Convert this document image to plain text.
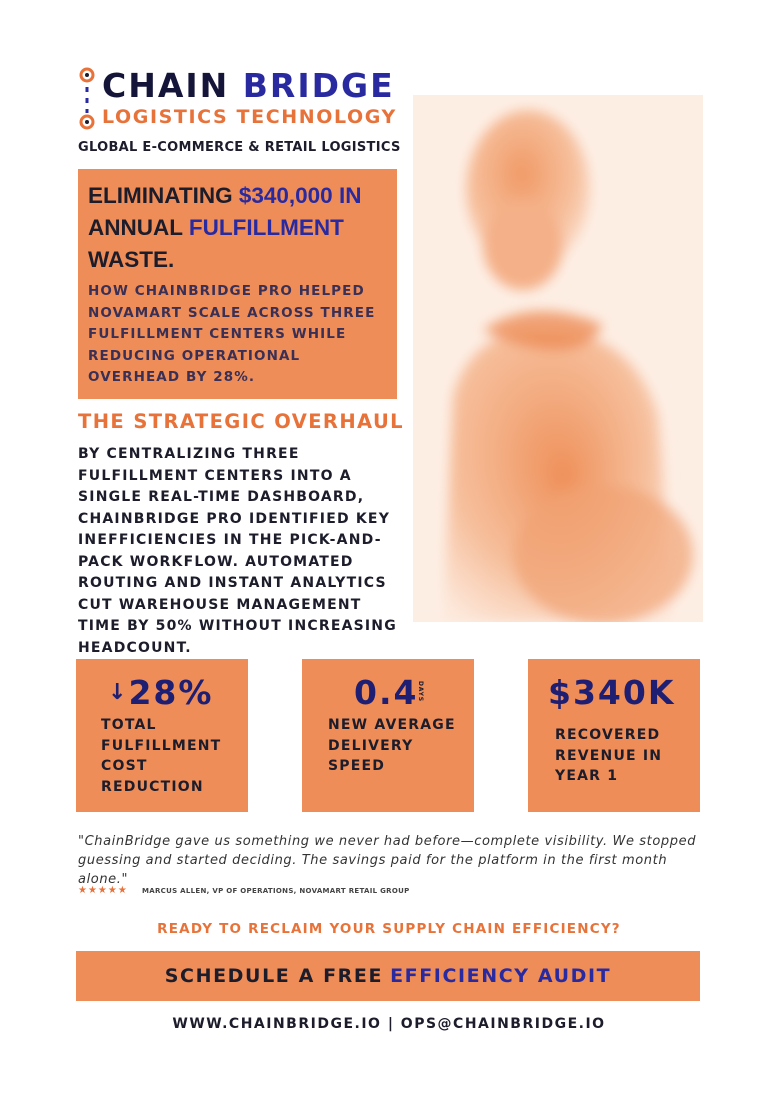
CHAIN BRIDGE
LOGISTICS TECHNOLOGY
GLOBAL E-COMMERCE & RETAIL LOGISTICS
ELIMINATING $340,000 IN
ANNUAL FULFILLMENT
WASTE.
HOW CHAINBRIDGE PRO HELPED NOVAMART SCALE ACROSS THREE FULFILLMENT CENTERS WHILE REDUCING OPERATIONAL OVERHEAD BY 28%.
THE STRATEGIC OVERHAUL
BY CENTRALIZING THREE FULFILLMENT CENTERS INTO A SINGLE REAL-TIME DASHBOARD, CHAINBRIDGE PRO IDENTIFIED KEY INEFFICIENCIES IN THE PICK-AND-PACK WORKFLOW. AUTOMATED ROUTING AND INSTANT ANALYTICS CUT WAREHOUSE MANAGEMENT TIME BY 50% WITHOUT INCREASING HEADCOUNT.
↓28%
TOTAL FULFILLMENT COST REDUCTION
0.4
DAYS
NEW AVERAGE DELIVERY SPEED
$340K
RECOVERED REVENUE IN YEAR 1
"ChainBridge gave us something we never had before—complete visibility. We stopped guessing and started deciding. The savings paid for the platform in the first month alone."
★★★★★ MARCUS ALLEN, VP OF OPERATIONS, NOVAMART RETAIL GROUP
READY TO RECLAIM YOUR SUPPLY CHAIN EFFICIENCY?
SCHEDULE A FREE EFFICIENCY AUDIT
WWW.CHAINBRIDGE.IO | OPS@CHAINBRIDGE.IO
